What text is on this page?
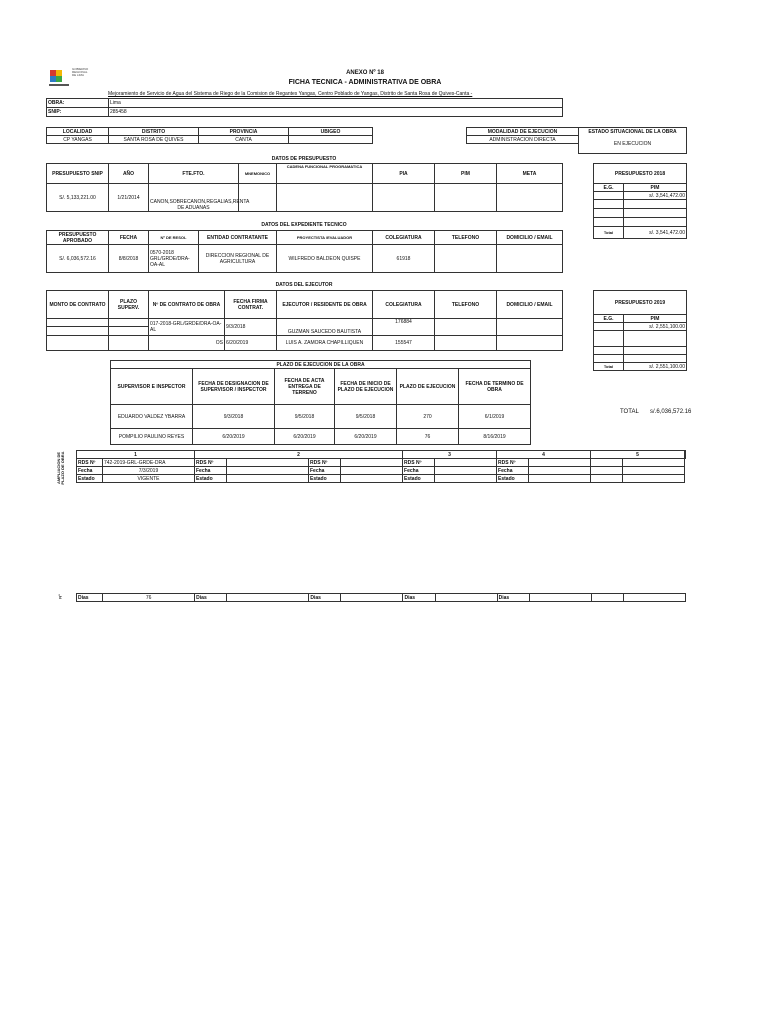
GOBIERNO REGIONAL DE LIMA	ANEXO Nº 18
FICHA TECNICA - ADMINISTRATIVA DE OBRA
Mejoramiento de Servicio de Agua del Sistema de Riego de la Comision de Regantes Yangas, Centro Poblado de Yangas, Distrito de Santa Rosa de Quives-Canta -
OBRA:	Lima
SNIP:	285458
LOCALIDAD	DISTRITO	PROVINCIA	UBIGEO
CP YANGAS	SANTA ROSA DE QUIVES	CANTA	
MODALIDAD DE EJECUCION	ESTADO SITUACIONAL DE LA OBRA
ADMINISTRACION DIRECTA	EN EJECUCION

DATOS DE PRESUPUESTO
PRESUPUESTO SNIP	AÑO	FTE.FTO.	MNEMONICO	CADENA FUNCIONAL PROGRAMATICA	PIA	PIM	META
S/. 5,133,221.00	1/21/2014	CANON,SOBRECANON,REGALIAS,RENTA DE ADUANAS					
PRESUPUESTO 2018	
E.G.	PIM
	s/. 3,541,472.00

Total	s/. 3,541,472.00
DATOS DEL EXPEDIENTE TECNICO
PRESUPUESTO APROBADO	FECHA	Nº DE RESOL	ENTIDAD CONTRATANTE	PROYECTISTA /EVALUADOR	COLEGIATURA	TELEFONO	DOMICILIO / EMAIL
S/. 6,036,572.16	8/8/2018	0570-2018 GRL/GRDE/DRA-OA-AL	DIRECCION REGIONAL DE AGRICULTURA	WILFREDO BALDEON QUISPE	61918		
DATOS DEL EJECUTOR
MONTO DE CONTRATO	PLAZO SUPERV.	Nº DE CONTRATO DE OBRA	FECHA FIRMA CONTRAT.	EJECUTOR / RESIDENTE DE OBRA	COLEGIATURA	TELEFONO	DOMICILIO / EMAIL
		017-2018-GRL/GRDE/DRA-OA-AL	9/3/2018	GUZMAN SAUCEDO BAUTISTA	176884		

		OS	6/20/2019	LUIS A. ZAMORA CHAPILLIQUEN	155547		
PRESUPUESTO 2019	
E.G.	PIM
	s/. 2,551,100.00

Total	s/. 2,551,100.00
TOTAL s/.6,036,572.16
PLAZO DE EJECUCION DE LA OBRA					
SUPERVISOR E INSPECTOR	FECHA DE DESIGNACION DE SUPERVISOR / INSPECTOR	FECHA DE ACTA ENTREGA DE TERRENO	FECHA DE INICIO DE PLAZO DE EJECUCION	PLAZO DE EJECUCION	FECHA DE TERMINO DE OBRA
EDUARDO VALDEZ YBARRA	9/3/2018	9/5/2018	9/5/2018	270	6/1/2019
POMPILIO PAULINO REYES	6/20/2019	6/20/2019	6/20/2019	76	8/16/2019
AMPLIACION DE PLAZO DE OBRA	1		2				3		4		5	
RDS Nº	742-2019-GRL-GRDE-DRA	RDS Nº		RDS Nº		RDS Nº		RDS Nº				
Fecha	7/3/2019	Fecha		Fecha		Fecha		Fecha				
Estado	VIGENTE	Estado		Estado		Estado		Estado				
Nº	Dias	76	Dias		Dias		Dias		Dias			
